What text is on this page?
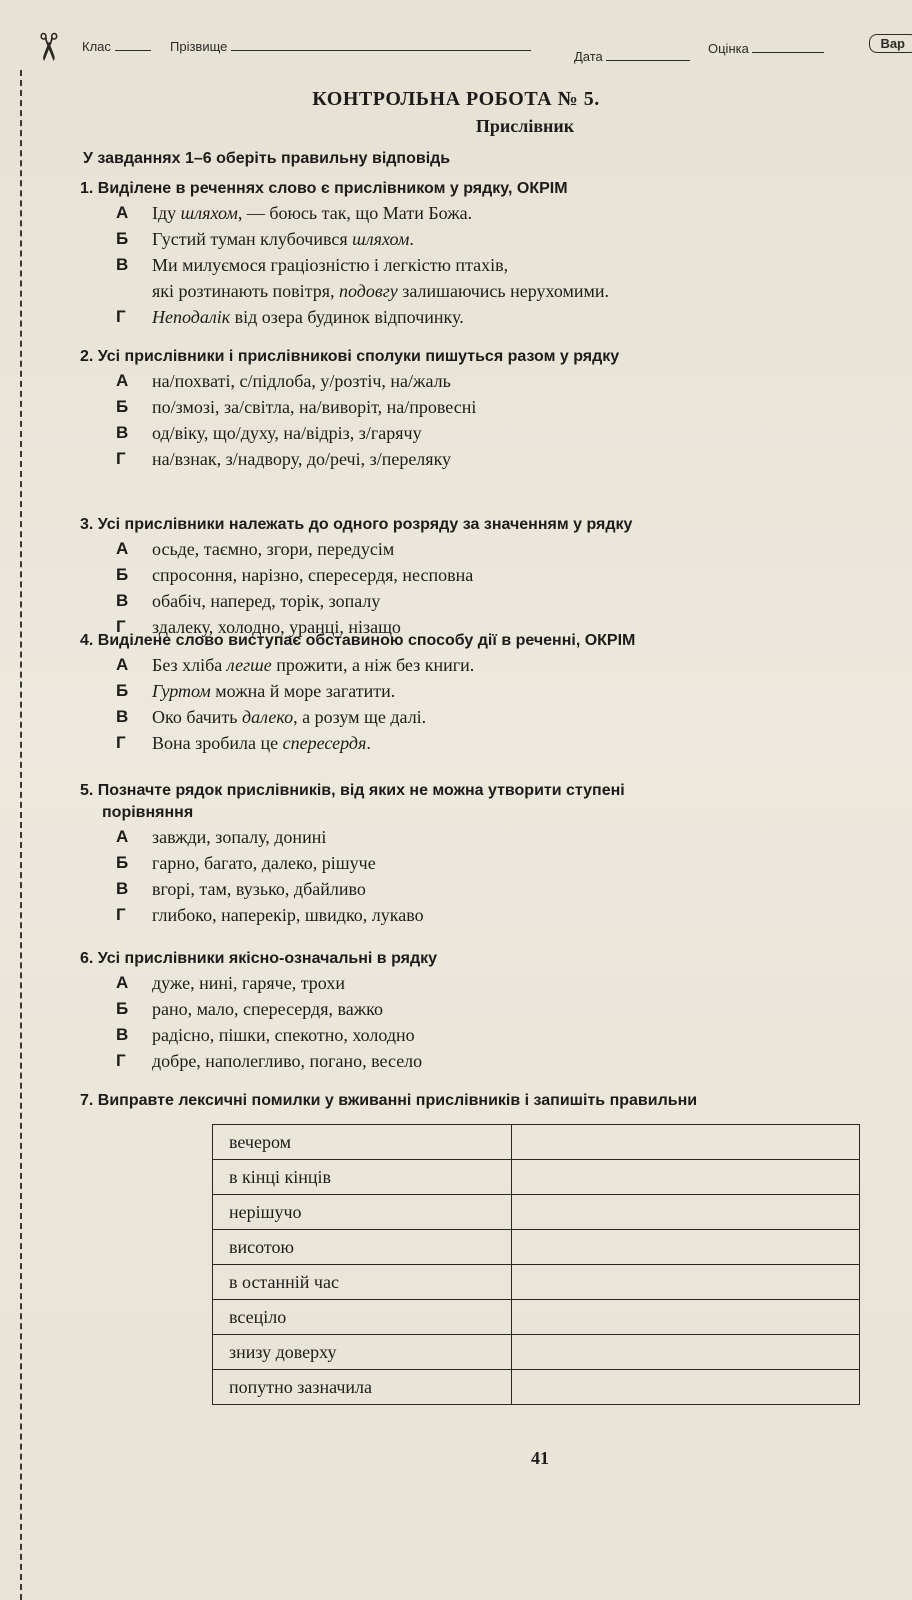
✂ Клас	Прізвище
Дата
Оцінка	Вар
КОНТРОЛЬНА РОБОТА № 5.
Прислівник
У завданнях 1–6 оберіть правильну відповідь
1. Виділене в реченнях слово є прислівником у рядку, ОКРІМ
А Іду шляхом, — боюсь так, що Мати Божа.
Б Густий туман клубочився шляхом.
В Ми милуємося граціозністю і легкістю птахів,
які розтинають повітря, подовгу залишаючись нерухомими.
Г Неподалік від озера будинок відпочинку.
2. Усі прислівники і прислівникові сполуки пишуться разом у рядку
А на/похваті, с/підлоба, у/розтіч, на/жаль
Б по/змозі, за/світла, на/виворіт, на/провесні
В од/віку, що/духу, на/відріз, з/гарячу
Г на/взнак, з/надвору, до/речі, з/переляку
3. Усі прислівники належать до одного розряду за значенням у рядку
А осьде, таємно, згори, передусім
Б спросоння, нарізно, спересердя, несповна
В обабіч, наперед, торік, зопалу
Г здалеку, холодно, уранці, нізащо
4. Виділене слово виступає обставиною способу дії в реченні, ОКРІМ
А Без хліба легше прожити, а ніж без книги.
Б Гуртом можна й море загатити.
В Око бачить далеко, а розум ще далі.
Г Вона зробила це спересердя.
5. Позначте рядок прислівників, від яких не можна утворити ступені
порівняння
А завжди, зопалу, донині
Б гарно, багато, далеко, рішуче
В вгорі, там, вузько, дбайливо
Г глибоко, наперекір, швидко, лукаво
6. Усі прислівники якісно-означальні в рядку
А дуже, нині, гаряче, трохи
Б рано, мало, спересердя, важко
В радісно, пішки, спекотно, холодно
Г добре, наполегливо, погано, весело
7. Виправте лексичні помилки у вживанні прислівників і запишіть правильни
вечером	
в кінці кінців	
нерішучо	
висотою	
в останній час	
всеціло	
знизу доверху	
попутно зазначила	
41
